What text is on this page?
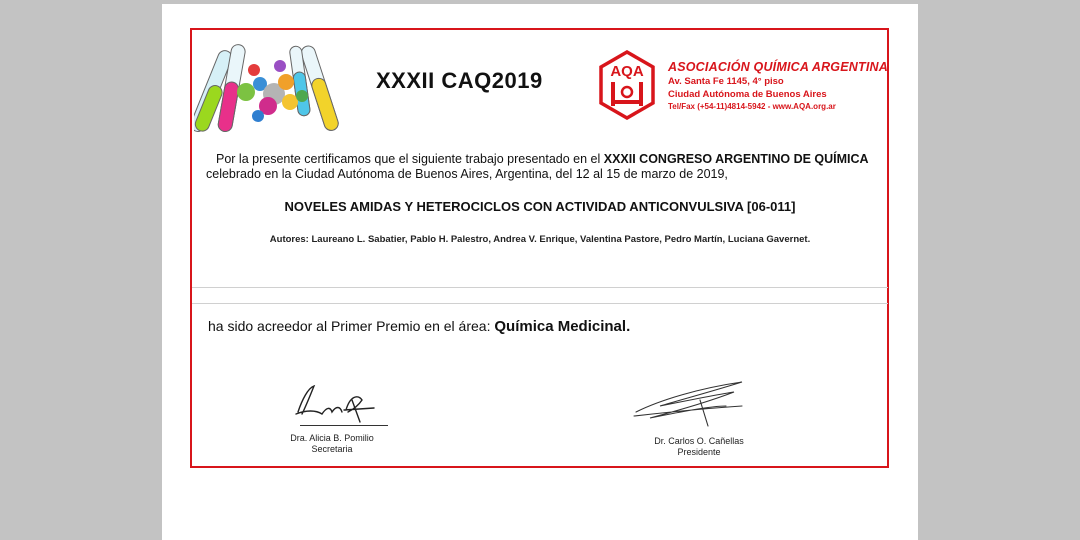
XXXII CAQ2019	AQA ASOCIACIÓN QUÍMICA ARGENTINA
Av. Santa Fe 1145, 4° piso
Ciudad Autónoma de Buenos Aires
Tel/Fax (+54-11)4814-5942 - www.AQA.org.ar
Por la presente certificamos que el siguiente trabajo presentado en el XXXII CONGRESO ARGENTINO DE QUÍMICA
celebrado en la Ciudad Autónoma de Buenos Aires, Argentina, del 12 al 15 de marzo de 2019,
NOVELES AMIDAS Y HETEROCICLOS CON ACTIVIDAD ANTICONVULSIVA [06-011]
Autores: Laureano L. Sabatier, Pablo H. Palestro, Andrea V. Enrique, Valentina Pastore, Pedro Martín, Luciana Gavernet.
ha sido acreedor al Primer Premio en el área: Química Medicinal.
Dra. Alicia B. Pomilio
Secretaria
Dr. Carlos O. Cañellas
Presidente
